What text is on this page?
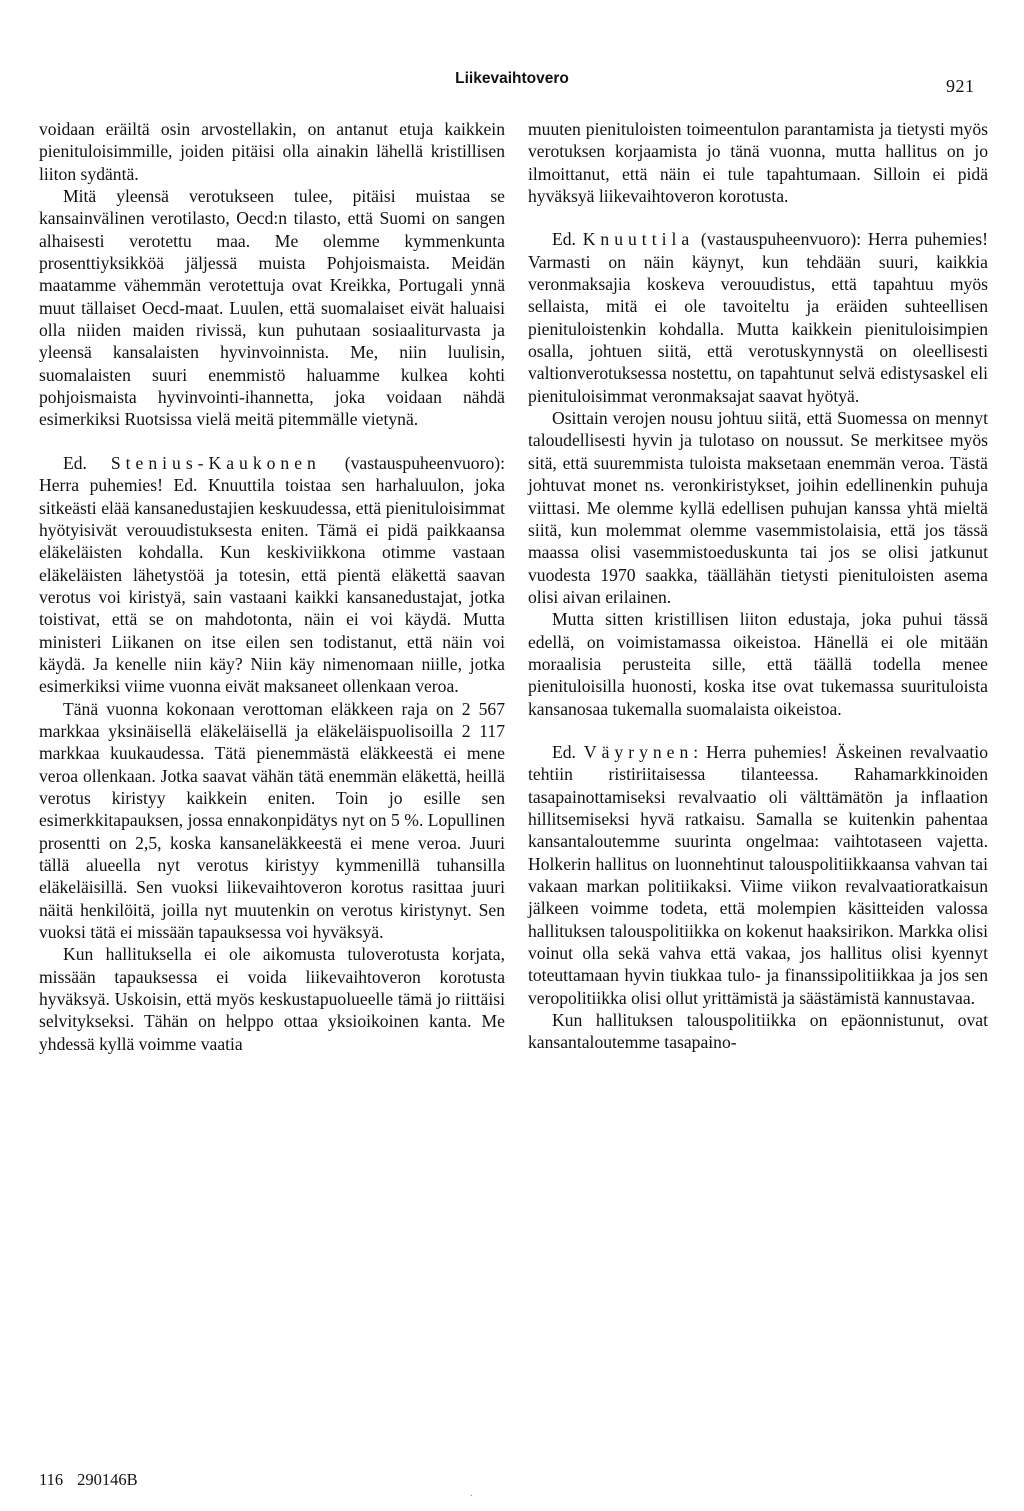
Liikevaihtovero	921

voidaan eräiltä osin arvostellakin, on antanut etuja kaikkein pienituloisimmille, joiden pitäisi olla ainakin lähellä kristillisen liiton sydäntä.

Mitä yleensä verotukseen tulee, pitäisi muistaa se kansainvälinen verotilasto, Oecd:n tilasto, että Suomi on sangen alhaisesti verotettu maa. Me olemme kymmenkunta prosenttiyksikköä jäljessä muista Pohjoismaista. Meidän maatamme vähemmän verotettuja ovat Kreikka, Portugali ynnä muut tällaiset Oecd-maat. Luulen, että suomalaiset eivät haluaisi olla niiden maiden rivissä, kun puhutaan sosiaaliturvasta ja yleensä kansalaisten hyvinvoinnista. Me, niin luulisin, suomalaisten suuri enemmistö haluamme kulkea kohti pohjoismaista hyvinvointi-ihannetta, joka voidaan nähdä esimerkiksi Ruotsissa vielä meitä pitemmälle vietynä.

Ed. Stenius-Kaukonen (vastauspuheenvuoro): Herra puhemies! Ed. Knuuttila toistaa sen harhaluulon, joka sitkeästi elää kansanedustajien keskuudessa, että pienituloisimmat hyötyisivät verouudistuksesta eniten. Tämä ei pidä paikkaansa eläkeläisten kohdalla. Kun keskiviikkona otimme vastaan eläkeläisten lähetystöä ja totesin, että pientä eläkettä saavan verotus voi kiristyä, sain vastaani kaikki kansanedustajat, jotka toistivat, että se on mahdotonta, näin ei voi käydä. Mutta ministeri Liikanen on itse eilen sen todistanut, että näin voi käydä. Ja kenelle niin käy? Niin käy nimenomaan niille, jotka esimerkiksi viime vuonna eivät maksaneet ollenkaan veroa.

Tänä vuonna kokonaan verottoman eläkkeen raja on 2 567 markkaa yksinäisellä eläkeläisellä ja eläkeläispuolisoilla 2 117 markkaa kuukaudessa. Tätä pienemmästä eläkkeestä ei mene veroa ollenkaan. Jotka saavat vähän tätä enemmän eläkettä, heillä verotus kiristyy kaikkein eniten. Toin jo esille sen esimerkkitapauksen, jossa ennakonpidätys nyt on 5 %. Lopullinen prosentti on 2,5, koska kansaneläkkeestä ei mene veroa. Juuri tällä alueella nyt verotus kiristyy kymmenillä tuhansilla eläkeläisillä. Sen vuoksi liikevaihtoveron korotus rasittaa juuri näitä henkilöitä, joilla nyt muutenkin on verotus kiristynyt. Sen vuoksi tätä ei missään tapauksessa voi hyväksyä.

Kun hallituksella ei ole aikomusta tuloverotusta korjata, missään tapauksessa ei voida liikevaihtoveron korotusta hyväksyä. Uskoisin, että myös keskustapuolueelle tämä jo riittäisi selvitykseksi. Tähän on helppo ottaa yksioikoinen kanta. Me yhdessä kyllä voimme vaatia

muuten pienituloisten toimeentulon parantamista ja tietysti myös verotuksen korjaamista jo tänä vuonna, mutta hallitus on jo ilmoittanut, että näin ei tule tapahtumaan. Silloin ei pidä hyväksyä liikevaihtoveron korotusta.

Ed. Knuuttila (vastauspuheenvuoro): Herra puhemies! Varmasti on näin käynyt, kun tehdään suuri, kaikkia veronmaksajia koskeva verouudistus, että tapahtuu myös sellaista, mitä ei ole tavoiteltu ja eräiden suhteellisen pienituloistenkin kohdalla. Mutta kaikkein pienituloisimpien osalla, johtuen siitä, että verotuskynnystä on oleellisesti valtionverotuksessa nostettu, on tapahtunut selvä edistysaskel eli pienituloisimmat veronmaksajat saavat hyötyä.

Osittain verojen nousu johtuu siitä, että Suomessa on mennyt taloudellisesti hyvin ja tulotaso on noussut. Se merkitsee myös sitä, että suuremmista tuloista maksetaan enemmän veroa. Tästä johtuvat monet ns. veronkiristykset, joihin edellinenkin puhuja viittasi. Me olemme kyllä edellisen puhujan kanssa yhtä mieltä siitä, kun molemmat olemme vasemmistolaisia, että jos tässä maassa olisi vasemmistoeduskunta tai jos se olisi jatkunut vuodesta 1970 saakka, täällähän tietysti pienituloisten asema olisi aivan erilainen.

Mutta sitten kristillisen liiton edustaja, joka puhui tässä edellä, on voimistamassa oikeistoa. Hänellä ei ole mitään moraalisia perusteita sille, että täällä todella menee pienituloisilla huonosti, koska itse ovat tukemassa suurituloista kansanosaa tukemalla suomalaista oikeistoa.

Ed. Väyrynen: Herra puhemies! Äskeinen revalvaatio tehtiin ristiriitaisessa tilanteessa. Rahamarkkinoiden tasapainottamiseksi revalvaatio oli välttämätön ja inflaation hillitsemiseksi hyvä ratkaisu. Samalla se kuitenkin pahentaa kansantaloutemme suurinta ongelmaa: vaihtotaseen vajetta. Holkerin hallitus on luonnehtinut talouspolitiikkaansa vahvan tai vakaan markan politiikaksi. Viime viikon revalvaatioratkaisun jälkeen voimme todeta, että molempien käsitteiden valossa hallituksen talouspolitiikka on kokenut haaksirikon. Markka olisi voinut olla sekä vahva että vakaa, jos hallitus olisi kyennyt toteuttamaan hyvin tiukkaa tulo- ja finanssipolitiikkaa ja jos sen veropolitiikka olisi ollut yrittämistä ja säästämistä kannustavaa.

Kun hallituksen talouspolitiikka on epäonnistunut, ovat kansantaloutemme tasapaino-

116 290146B
.
